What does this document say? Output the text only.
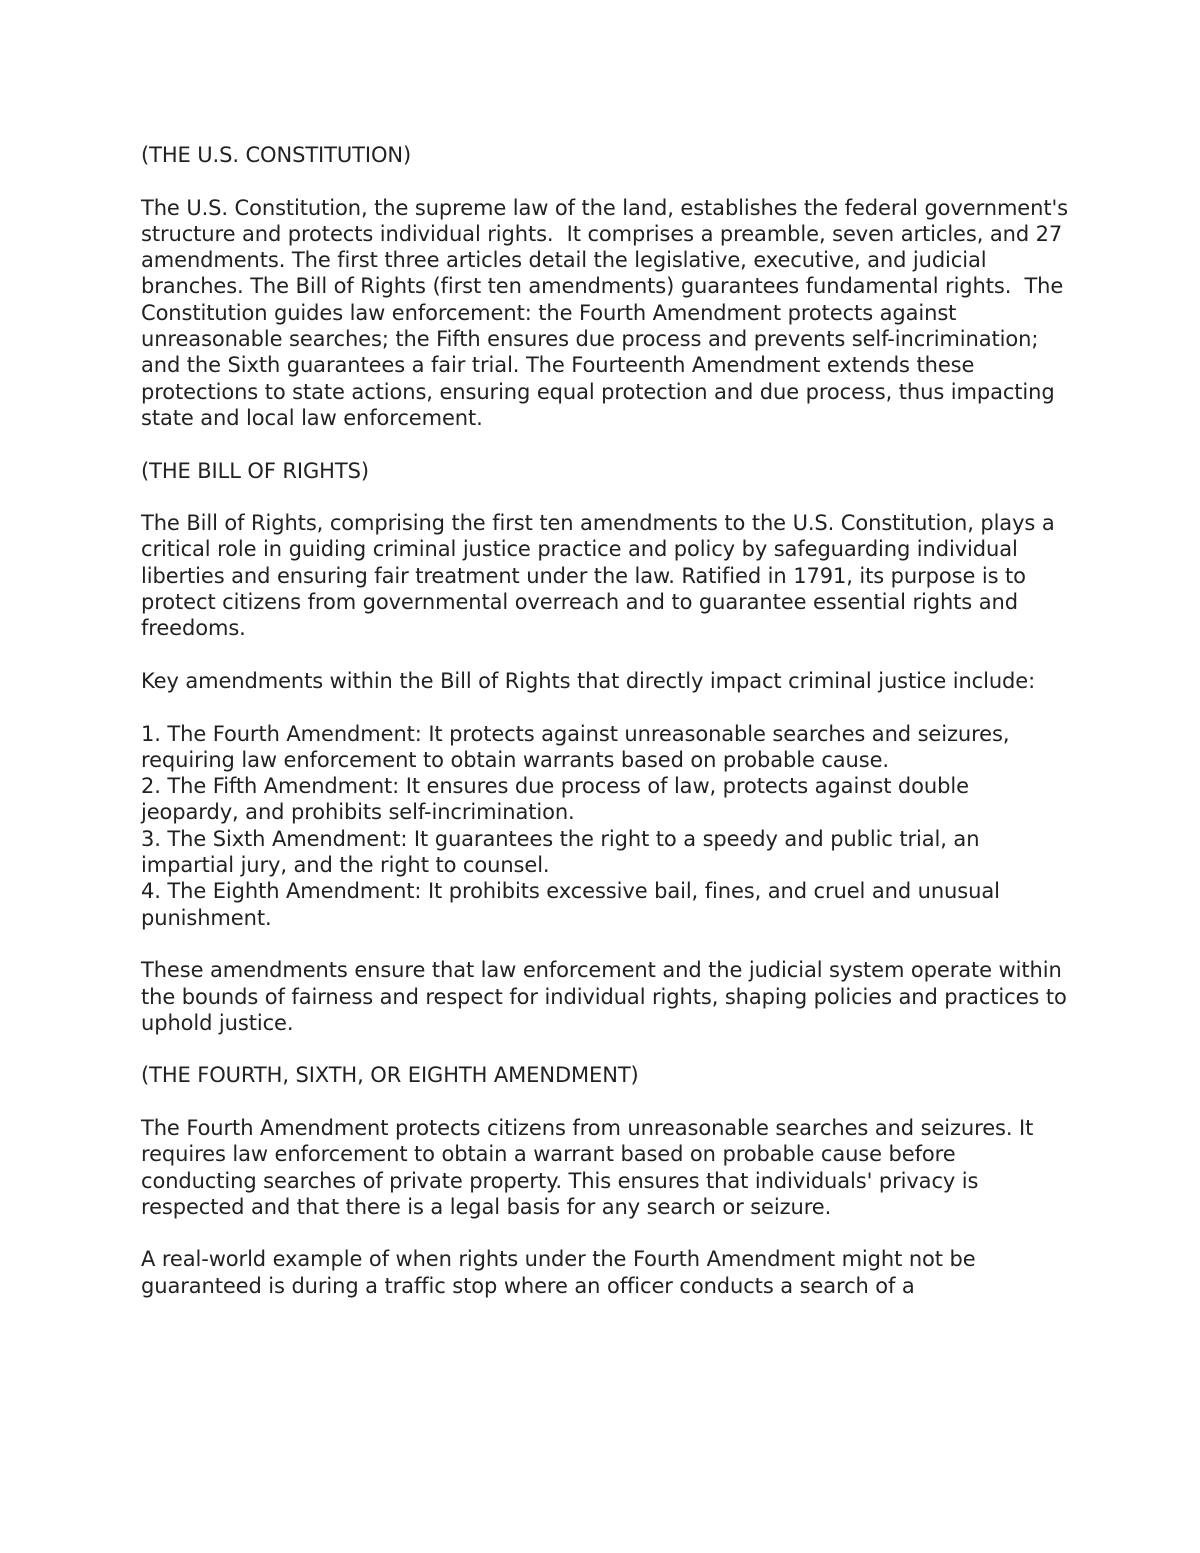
(THE U.S. CONSTITUTION)

The U.S. Constitution, the supreme law of the land, establishes the federal government's structure and protects individual rights.  It comprises a preamble, seven articles, and 27 amendments. The first three articles detail the legislative, executive, and judicial branches. The Bill of Rights (first ten amendments) guarantees fundamental rights.  The Constitution guides law enforcement: the Fourth Amendment protects against unreasonable searches; the Fifth ensures due process and prevents self-incrimination; and the Sixth guarantees a fair trial. The Fourteenth Amendment extends these protections to state actions, ensuring equal protection and due process, thus impacting state and local law enforcement.

(THE BILL OF RIGHTS)

The Bill of Rights, comprising the first ten amendments to the U.S. Constitution, plays a critical role in guiding criminal justice practice and policy by safeguarding individual liberties and ensuring fair treatment under the law. Ratified in 1791, its purpose is to protect citizens from governmental overreach and to guarantee essential rights and freedoms.

Key amendments within the Bill of Rights that directly impact criminal justice include:

1. The Fourth Amendment: It protects against unreasonable searches and seizures, requiring law enforcement to obtain warrants based on probable cause.
2. The Fifth Amendment: It ensures due process of law, protects against double jeopardy, and prohibits self-incrimination.
3. The Sixth Amendment: It guarantees the right to a speedy and public trial, an impartial jury, and the right to counsel.
4. The Eighth Amendment: It prohibits excessive bail, fines, and cruel and unusual punishment.

These amendments ensure that law enforcement and the judicial system operate within the bounds of fairness and respect for individual rights, shaping policies and practices to uphold justice.

(THE FOURTH, SIXTH, OR EIGHTH AMENDMENT)

The Fourth Amendment protects citizens from unreasonable searches and seizures. It requires law enforcement to obtain a warrant based on probable cause before conducting searches of private property. This ensures that individuals' privacy is respected and that there is a legal basis for any search or seizure.

A real-world example of when rights under the Fourth Amendment might not be guaranteed is during a traffic stop where an officer conducts a search of a
